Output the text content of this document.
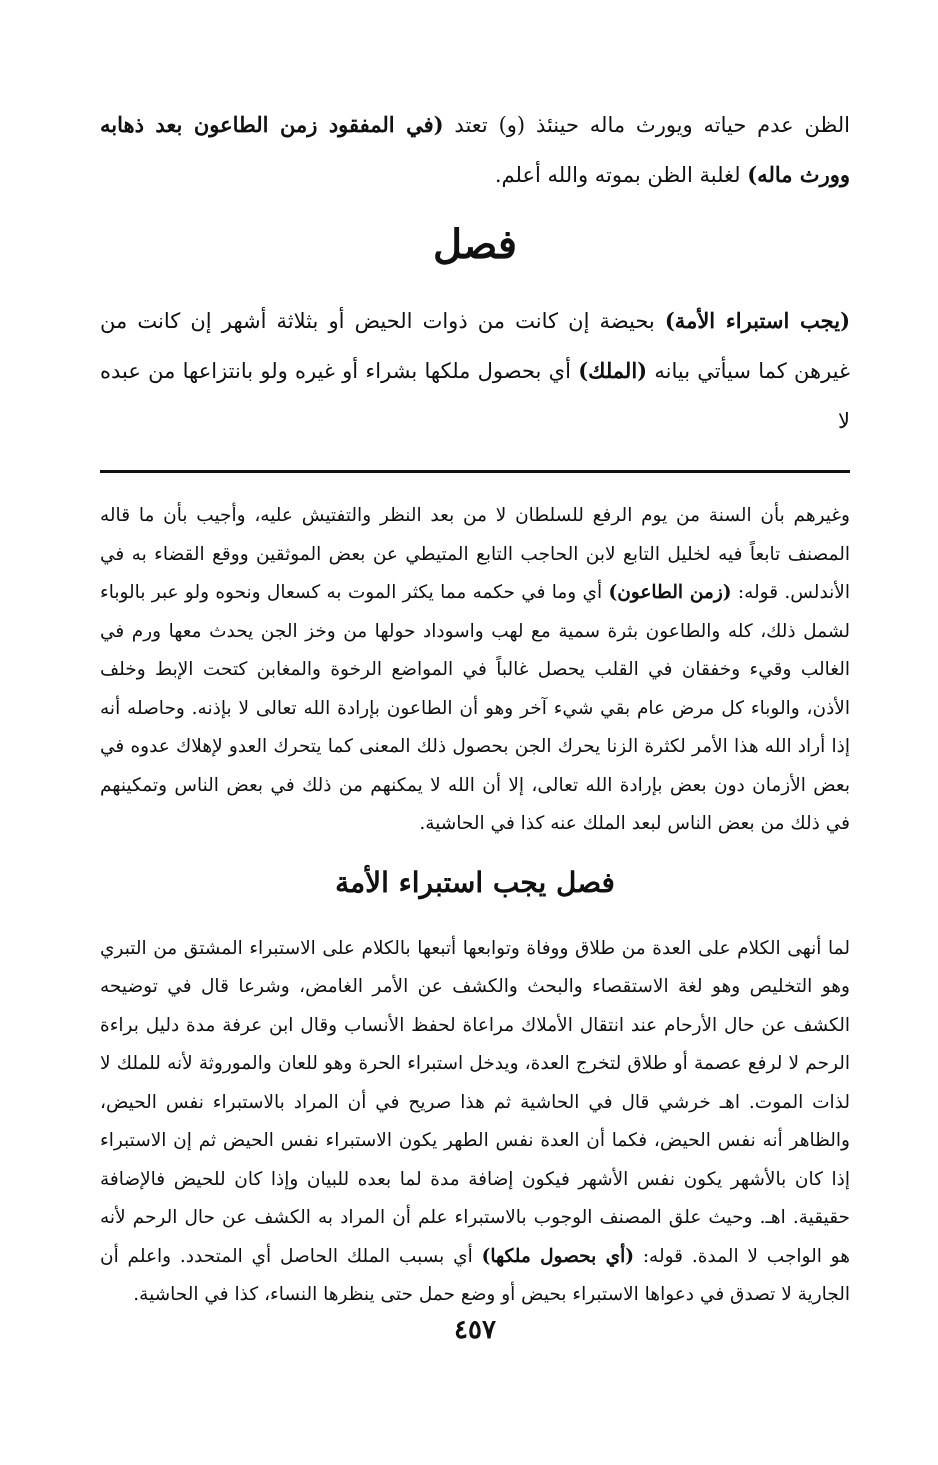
الظن عدم حياته ويورث ماله حينئذ (و) تعتد (في المفقود زمن الطاعون بعد ذهابه وورث ماله) لغلبة الظن بموته والله أعلم.

فصل

(يجب استبراء الأمة) بحيضة إن كانت من ذوات الحيض أو بثلاثة أشهر إن كانت من غيرهن كما سيأتي بيانه (الملك) أي بحصول ملكها بشراء أو غيره ولو بانتزاعها من عبده لا

وغيرهم بأن السنة من يوم الرفع للسلطان لا من بعد النظر والتفتيش عليه، وأجيب بأن ما قاله المصنف تابعاً فيه لخليل التابع لابن الحاجب التابع المتيطي عن بعض الموثقين ووقع القضاء به في الأندلس. قوله: (زمن الطاعون) أي وما في حكمه مما يكثر الموت به كسعال ونحوه ولو عبر بالوباء لشمل ذلك، كله والطاعون بثرة سمية مع لهب واسوداد حولها من وخز الجن يحدث معها ورم في الغالب وقيء وخفقان في القلب يحصل غالباً في المواضع الرخوة والمغابن كتحت الإبط وخلف الأذن، والوباء كل مرض عام بقي شيء آخر وهو أن الطاعون بإرادة الله تعالى لا بإذنه. وحاصله أنه إذا أراد الله هذا الأمر لكثرة الزنا يحرك الجن بحصول ذلك المعنى كما يتحرك العدو لإهلاك عدوه في بعض الأزمان دون بعض بإرادة الله تعالى، إلا أن الله لا يمكنهم من ذلك في بعض الناس وتمكينهم في ذلك من بعض الناس لبعد الملك عنه كذا في الحاشية.

فصل يجب استبراء الأمة

لما أنهى الكلام على العدة من طلاق ووفاة وتوابعها أتبعها بالكلام على الاستبراء المشتق من التبري وهو التخليص وهو لغة الاستقصاء والبحث والكشف عن الأمر الغامض، وشرعا قال في توضيحه الكشف عن حال الأرحام عند انتقال الأملاك مراعاة لحفظ الأنساب وقال ابن عرفة مدة دليل براءة الرحم لا لرفع عصمة أو طلاق لتخرج العدة، ويدخل استبراء الحرة وهو للعان والموروثة لأنه للملك لا لذات الموت. اهـ خرشي قال في الحاشية ثم هذا صريح في أن المراد بالاستبراء نفس الحيض، والظاهر أنه نفس الحيض، فكما أن العدة نفس الطهر يكون الاستبراء نفس الحيض ثم إن الاستبراء إذا كان بالأشهر يكون نفس الأشهر فيكون إضافة مدة لما بعده للبيان وإذا كان للحيض فالإضافة حقيقية. اهـ. وحيث علق المصنف الوجوب بالاستبراء علم أن المراد به الكشف عن حال الرحم لأنه هو الواجب لا المدة. قوله: (أي بحصول ملكها) أي بسبب الملك الحاصل أي المتحدد. واعلم أن الجارية لا تصدق في دعواها الاستبراء بحيض أو وضع حمل حتى ينظرها النساء، كذا في الحاشية.

٤٥٧
